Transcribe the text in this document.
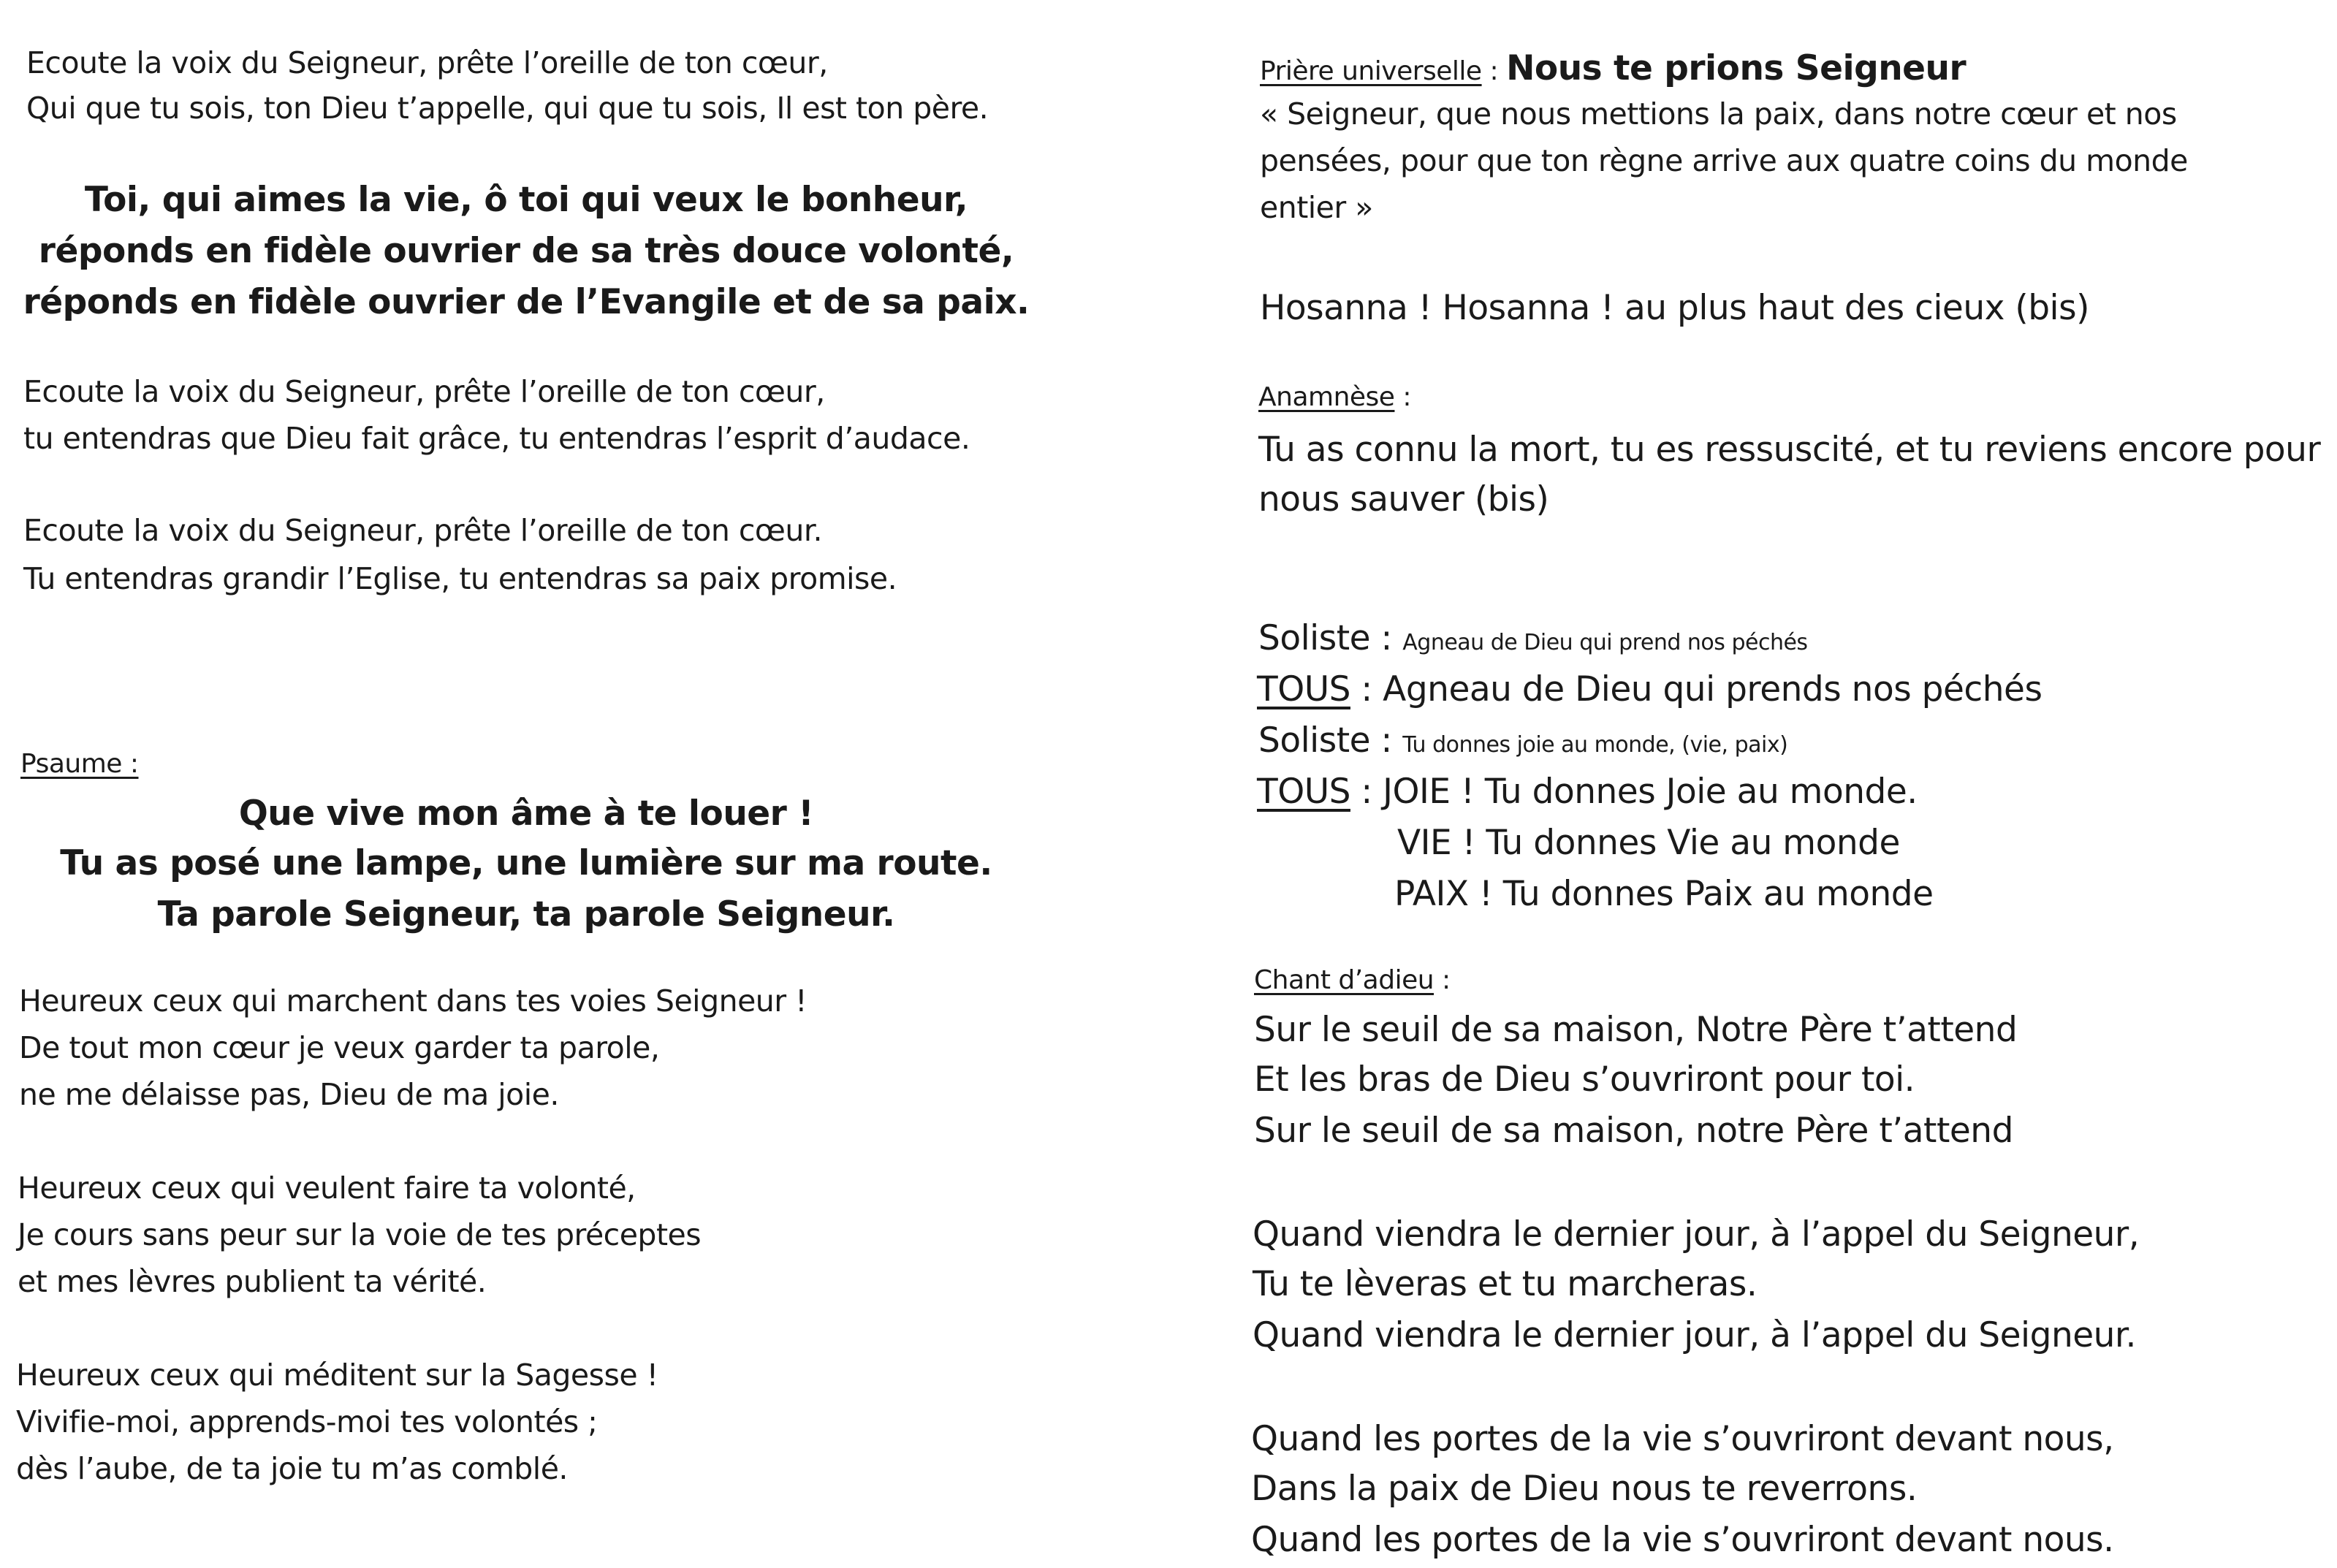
Ecoute la voix du Seigneur, prête l’oreille de ton cœur,

Qui que tu sois, ton Dieu t’appelle, qui que tu sois, Il est ton père.

Toi, qui aimes la vie, ô toi qui veux le bonheur,

réponds en fidèle ouvrier de sa très douce volonté,

réponds en fidèle ouvrier de l’Evangile et de sa paix.

Ecoute la voix du Seigneur, prête l’oreille de ton cœur,

tu entendras que Dieu fait grâce, tu entendras l’esprit d’audace.

Ecoute la voix du Seigneur, prête l’oreille de ton cœur.

Tu entendras grandir l’Eglise, tu entendras sa paix promise.

Psaume :

Que vive mon âme à te louer !

Tu as posé une lampe, une lumière sur ma route.

Ta parole Seigneur, ta parole Seigneur.

Heureux ceux qui marchent dans tes voies Seigneur !

De tout mon cœur je veux garder ta parole,

ne me délaisse pas, Dieu de ma joie.

Heureux ceux qui veulent faire ta volonté,

Je cours sans peur sur la voie de tes préceptes

et mes lèvres publient ta vérité.

Heureux ceux qui méditent sur la Sagesse !

Vivifie-moi, apprends-moi tes volontés ;

dès l’aube, de ta joie tu m’as comblé.

Prière universelle : Nous te prions Seigneur

« Seigneur, que nous mettions la paix, dans notre cœur et nos

pensées, pour que ton règne arrive aux quatre coins du monde

entier »

Hosanna ! Hosanna ! au plus haut des cieux (bis)

Anamnèse :

Tu as connu la mort, tu es ressuscité, et tu reviens encore pour

nous sauver (bis)

Soliste : Agneau de Dieu qui prend nos péchés

TOUS : Agneau de Dieu qui prends nos péchés

Soliste : Tu donnes joie au monde, (vie, paix)

TOUS : JOIE ! Tu donnes Joie au monde.

VIE ! Tu donnes Vie au monde

PAIX ! Tu donnes Paix au monde

Chant d’adieu :

Sur le seuil de sa maison, Notre Père t’attend

Et les bras de Dieu s’ouvriront pour toi.

Sur le seuil de sa maison, notre Père t’attend

Quand viendra le dernier jour, à l’appel du Seigneur,

Tu te lèveras et tu marcheras.

Quand viendra le dernier jour, à l’appel du Seigneur.

Quand les portes de la vie s’ouvriront devant nous,

Dans la paix de Dieu nous te reverrons.

Quand les portes de la vie s’ouvriront devant nous.
